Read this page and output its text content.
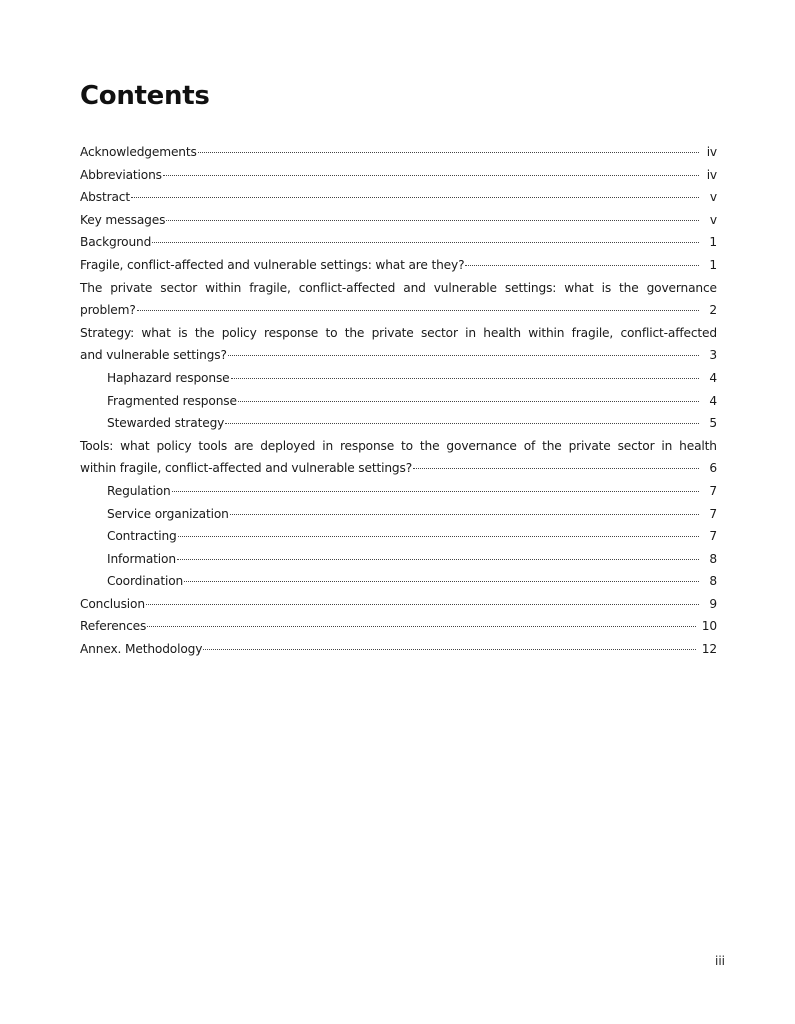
Contents
Acknowledgements	iv
Abbreviations	iv
Abstract	v
Key messages	v
Background	1
Fragile, conflict-affected and vulnerable settings: what are they?	1
The private sector within fragile, conflict-affected and vulnerable settings: what is the governance
problem?	2
Strategy: what is the policy response to the private sector in health within fragile, conflict-affected
and vulnerable settings?	3
Haphazard response	4
Fragmented response	4
Stewarded strategy	5
Tools: what policy tools are deployed in response to the governance of the private sector in health
within fragile, conflict-affected and vulnerable settings?	6
Regulation	7
Service organization	7
Contracting	7
Information	8
Coordination	8
Conclusion	9
References	10
Annex. Methodology	12
iii
